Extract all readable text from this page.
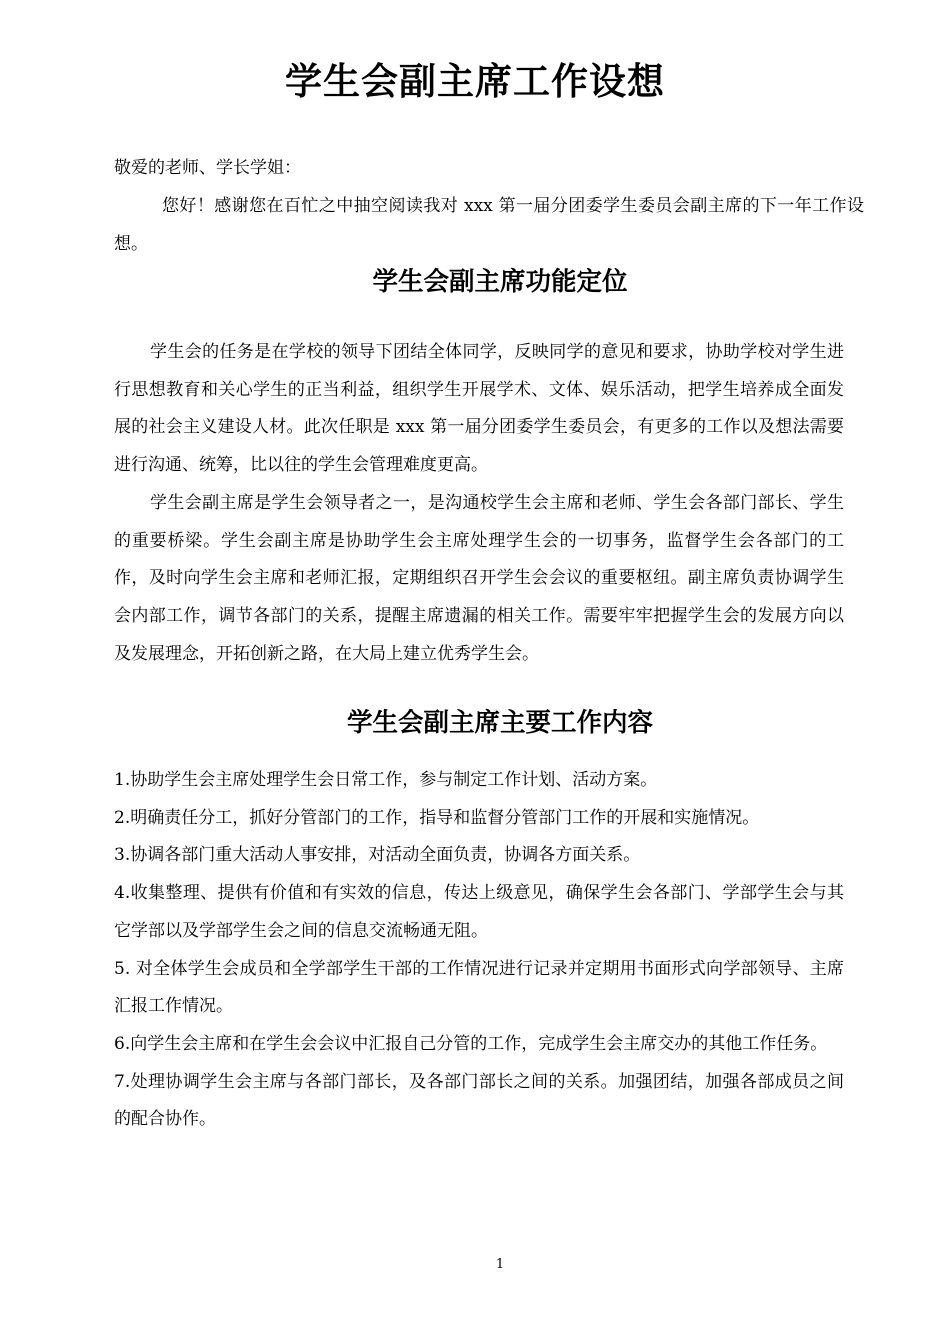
学生会副主席工作设想

敬爱的老师、学长学姐：

您好！感谢您在百忙之中抽空阅读我对 xxx 第一届分团委学生委员会副主席的下一年工作设想。

学生会副主席功能定位

学生会的任务是在学校的领导下团结全体同学，反映同学的意见和要求，协助学校对学生进行思想教育和关心学生的正当利益，组织学生开展学术、文体、娱乐活动，把学生培养成全面发展的社会主义建设人材。此次任职是 xxx 第一届分团委学生委员会，有更多的工作以及想法需要进行沟通、统筹，比以往的学生会管理难度更高。

学生会副主席是学生会领导者之一，是沟通校学生会主席和老师、学生会各部门部长、学生的重要桥梁。学生会副主席是协助学生会主席处理学生会的一切事务，监督学生会各部门的工作，及时向学生会主席和老师汇报，定期组织召开学生会会议的重要枢纽。副主席负责协调学生会内部工作，调节各部门的关系，提醒主席遗漏的相关工作。需要牢牢把握学生会的发展方向以及发展理念，开拓创新之路，在大局上建立优秀学生会。

学生会副主席主要工作内容
1.协助学生会主席处理学生会日常工作，参与制定工作计划、活动方案。
2.明确责任分工，抓好分管部门的工作，指导和监督分管部门工作的开展和实施情况。
3.协调各部门重大活动人事安排，对活动全面负责，协调各方面关系。
4.收集整理、提供有价值和有实效的信息，传达上级意见，确保学生会各部门、学部学生会与其它学部以及学部学生会之间的信息交流畅通无阻。
5. 对全体学生会成员和全学部学生干部的工作情况进行记录并定期用书面形式向学部领导、主席汇报工作情况。
6.向学生会主席和在学生会会议中汇报自己分管的工作，完成学生会主席交办的其他工作任务。
7.处理协调学生会主席与各部门部长，及各部门部长之间的关系。加强团结，加强各部成员之间的配合协作。

1
